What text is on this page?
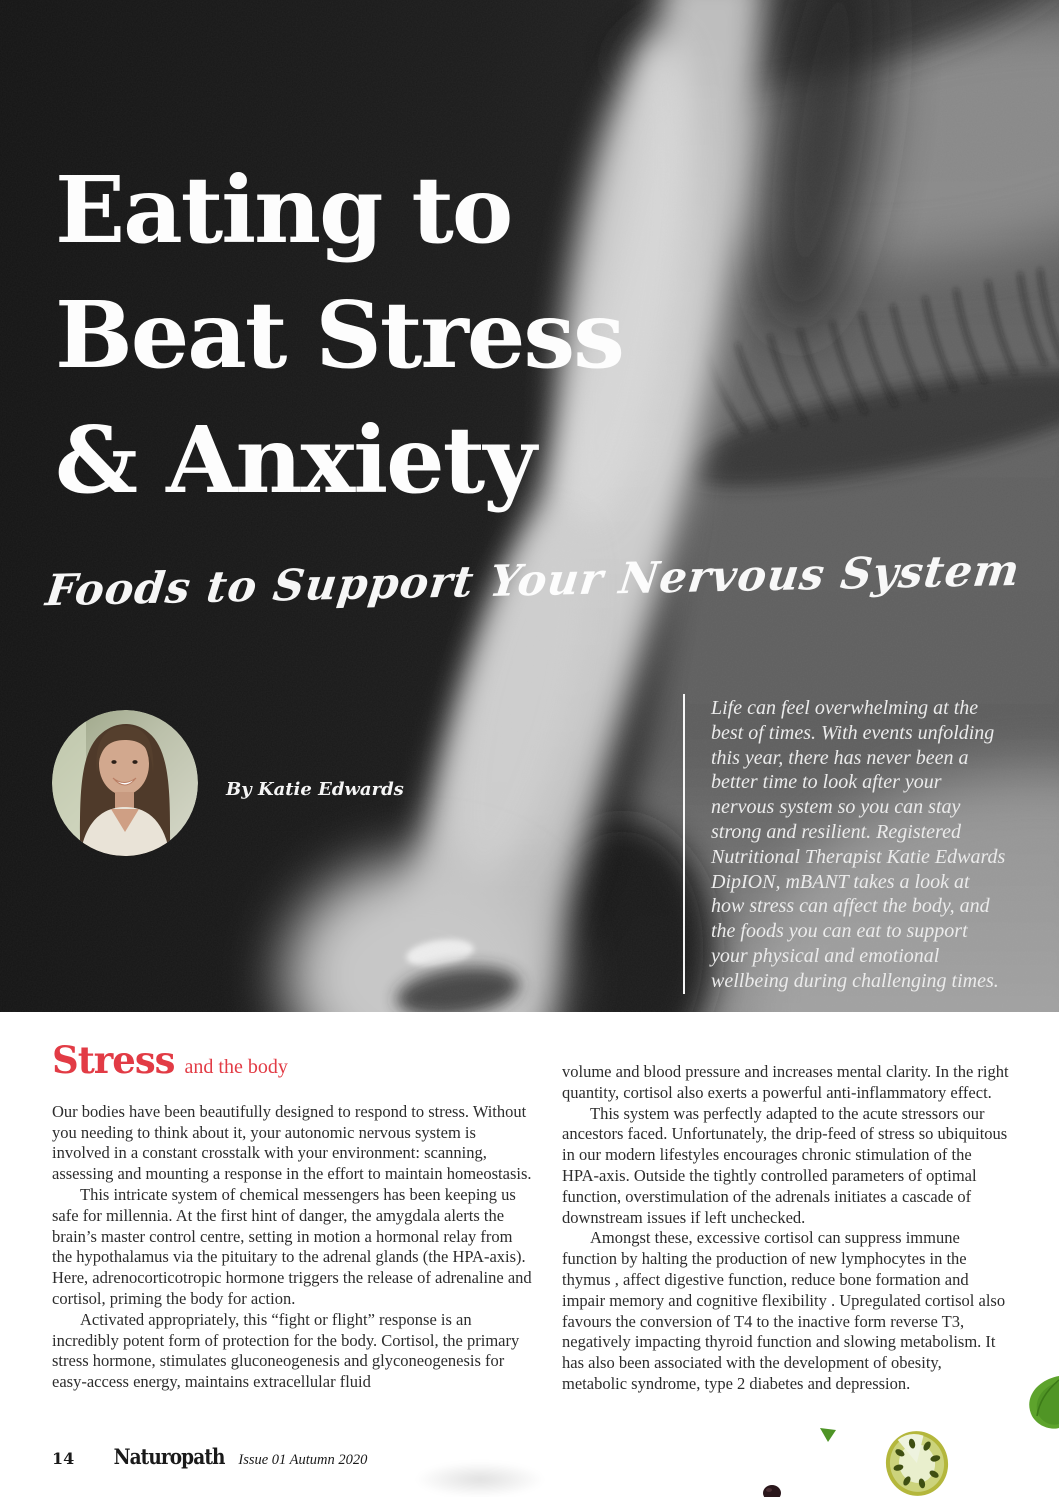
Eating to
Beat Stress
& Anxiety
Foods to Support Your Nervous System
By Katie Edwards

Life can feel overwhelming at the best of times. With events unfolding this year, there has never been a better time to look after your nervous system so you can stay strong and resilient. Registered Nutritional Therapist Katie Edwards DipION, mBANT takes a look at how stress can affect the body, and the foods you can eat to support your physical and emotional wellbeing during challenging times.

Stress and the body

Our bodies have been beautifully designed to respond to stress. Without you needing to think about it, your autonomic nervous system is involved in a constant crosstalk with your environment: scanning, assessing and mounting a response in the effort to maintain homeostasis.

This intricate system of chemical messengers has been keeping us safe for millennia. At the first hint of danger, the amygdala alerts the brain’s master control centre, setting in motion a hormonal relay from the hypothalamus via the pituitary to the adrenal glands (the HPA-axis). Here, adrenocorticotropic hormone triggers the release of adrenaline and cortisol, priming the body for action.

Activated appropriately, this “fight or flight” response is an incredibly potent form of protection for the body. Cortisol, the primary stress hormone, stimulates gluconeogenesis and glyconeogenesis for easy-access energy, maintains extracellular fluid

volume and blood pressure and increases mental clarity. In the right quantity, cortisol also exerts a powerful anti-inflammatory effect.

This system was perfectly adapted to the acute stressors our ancestors faced. Unfortunately, the drip-feed of stress so ubiquitous in our modern lifestyles encourages chronic stimulation of the HPA-axis. Outside the tightly controlled parameters of optimal function, overstimulation of the adrenals initiates a cascade of downstream issues if left unchecked.

Amongst these, excessive cortisol can suppress immune function by halting the production of new lymphocytes in the thymus , affect digestive function, reduce bone formation and impair memory and cognitive flexibility . Upregulated cortisol also favours the conversion of T4 to the inactive form reverse T3, negatively impacting thyroid function and slowing metabolism. It has also been associated with the development of obesity, metabolic syndrome, type 2 diabetes and depression.

14 Naturopath Issue 01 Autumn 2020
